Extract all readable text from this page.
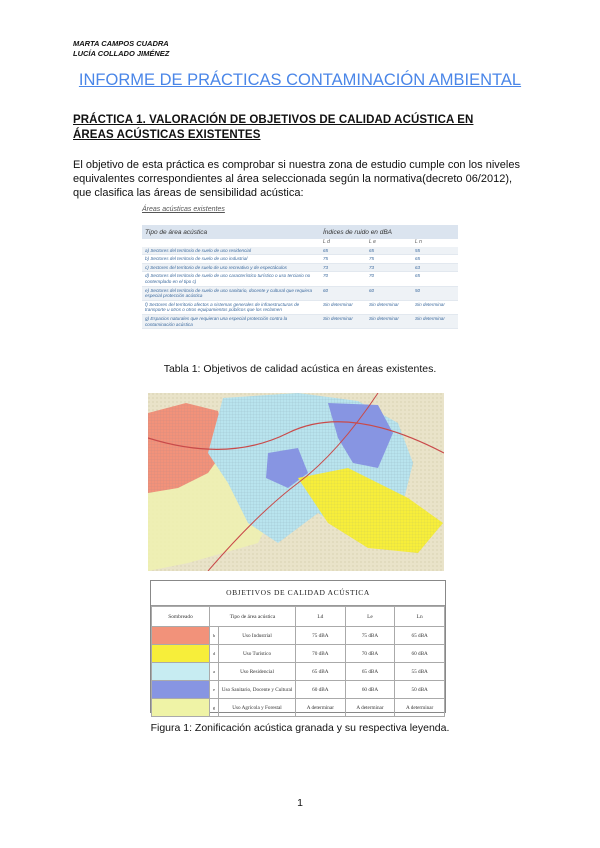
MARTA CAMPOS CUADRA
LUCÍA COLLADO JIMÉNEZ
INFORME DE PRÁCTICAS CONTAMINACIÓN AMBIENTAL
PRÁCTICA 1. VALORACIÓN DE OBJETIVOS DE CALIDAD ACÚSTICA EN ÁREAS ACÚSTICAS EXISTENTES
El objetivo de esta práctica es comprobar si nuestra zona de estudio cumple con los niveles equivalentes correspondientes al área seleccionada según la normativa(decreto 06/2012), que clasifica las áreas de sensibilidad acústica:
Áreas acústicas existentes
Tipo de área acústica	Índices de ruido en dBA		
	L d	L e	L n
a) Sectores del territorio de suelo de uso residencial	65	65	55
b) Sectores del territorio de suelo de uso industrial	75	75	65
c) Sectores del territorio de suelo de uso recreativo y de espectáculos	73	73	63
d) Sectores del territorio de suelo de uso característico turístico o uso terciario no contemplado en el tipo c)	70	70	65
e) Sectores del territorio de suelo de uso sanitario, docente y cultural que requiera especial protección acústica	60	60	50
f) Sectores del territorio afectos a sistemas generales de infraestructuras de transporte u otros o otros equipamientos públicos que los reclamen	Sin determinar	Sin determinar	Sin determinar
g) Espacios naturales que requieran una especial protección contra la contaminación acústica	Sin determinar	Sin determinar	Sin determinar
Tabla 1: Objetivos de calidad acústica en áreas existentes.
OBJETIVOS DE CALIDAD ACÚSTICA
Sombreado	Tipo de área acústica		Ld	Le	Ln
	b	Uso Industrial	75 dBA	75 dBA	65 dBA
	d	Uso Turístico	70 dBA	70 dBA	60 dBA
	a	Uso Residencial	65 dBA	65 dBA	55 dBA
	e	Uso Sanitario, Docente y Cultural	60 dBA	60 dBA	50 dBA
	g	Uso Agrícola y Forestal	A determinar	A determinar	A determinar
Figura 1: Zonificación acústica granada y su respectiva leyenda.
1
